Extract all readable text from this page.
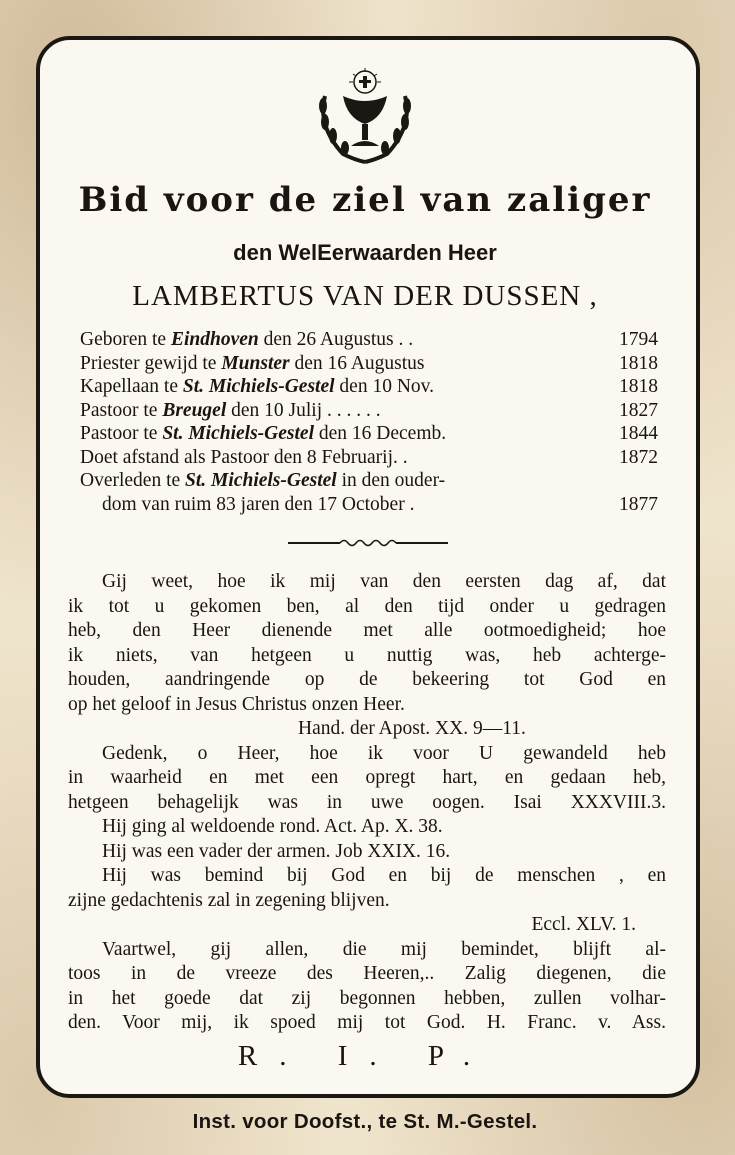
Bid voor de ziel van zaliger
den WelEerwaarden Heer
LAMBERTUS VAN DER DUSSEN ,
Geboren te Eindhoven den 26 Augustus . .	1794
Priester gewijd te Munster den 16 Augustus	1818
Kapellaan te St. Michiels-Gestel den 10 Nov.	1818
Pastoor te Breugel den 10 Julij . . . . . .	1827
Pastoor te St. Michiels-Gestel den 16 Decemb.	1844
Doet afstand als Pastoor den 8 Februarij. .	1872
Overleden te St. Michiels-Gestel in den ouder-
dom van ruim 83 jaren den 17 October .	1877
Gij weet, hoe ik mij van den eersten dag af, dat
ik tot u gekomen ben, al den tijd onder u gedragen
heb, den Heer dienende met alle ootmoedigheid; hoe
ik niets, van hetgeen u nuttig was, heb achterge-
houden, aandringende op de bekeering tot God en
op het geloof in Jesus Christus onzen Heer.
Hand. der Apost. XX. 9—11.
Gedenk, o Heer, hoe ik voor U gewandeld heb
in waarheid en met een opregt hart, en gedaan heb,
hetgeen behagelijk was in uwe oogen. Isai XXXVIII.3.
Hij ging al weldoende rond. Act. Ap. X. 38.
Hij was een vader der armen. Job XXIX. 16.
Hij was bemind bij God en bij de menschen , en
zijne gedachtenis zal in zegening blijven.
Eccl. XLV. 1.
Vaartwel, gij allen, die mij bemindet, blijft al-
toos in de vreeze des Heeren,.. Zalig diegenen, die
in het goede dat zij begonnen hebben, zullen volhar-
den. Voor mij, ik spoed mij tot God. H. Franc. v. Ass.
R. I. P.
Inst. voor Doofst., te St. M.-Gestel.
